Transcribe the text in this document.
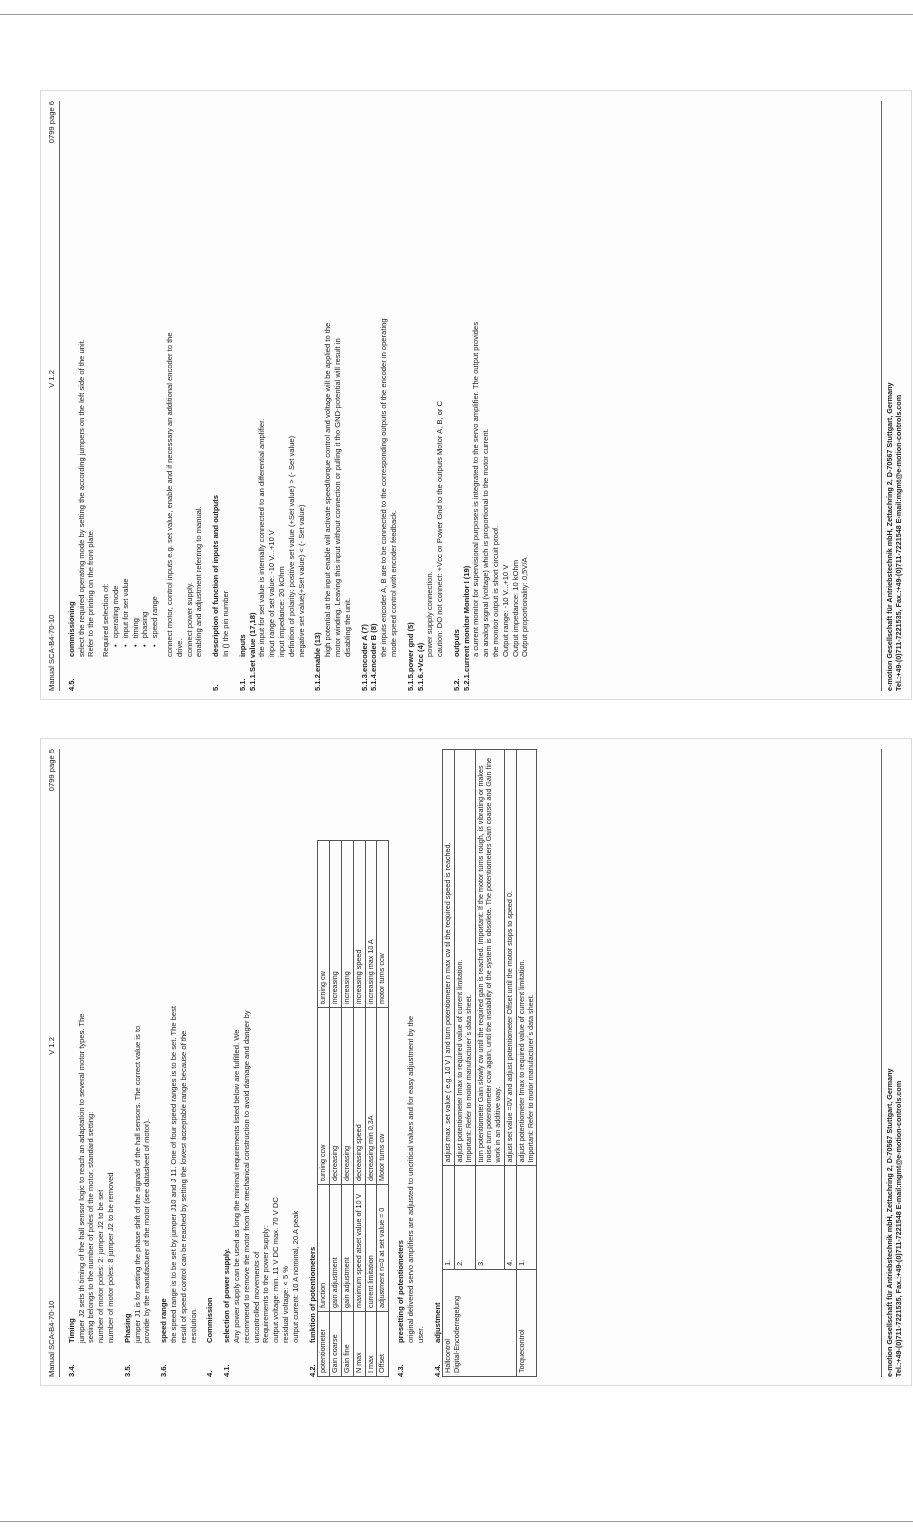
Manual SCA-B4-70-10
V 1.2
0799 page 6
4.5.commissioning select the required operating mode by setting the according jumpers on the left side of the unit. Refer to the printing on the front plate. Required selection of: • operating mode • input for set value • timing • phasing • speed range connect motor, control inputs e.g. set value, enable and if necessary an additional encoder to the drive. connect power supply. enabling and adjustment referring to manual.

5.description of function of inputs and outputs In () the pin number

5.1.inputs 5.1.1.Set value (17,18) the input for set value is internally connected to an differential amplifier. input range of set value: -10 V...+10 V input impedance: 20 kOhm definition of polarity: positive set value (+Set value) > (- Set value) negative set value(+Set value) < (- Set value)

5.1.2.enable (13)

high potential at the input enable will activate speed/torque control and voltage will be applied to the motor winding. Leaving this input without connection or pulling it tho GND-potential will result in disabling the unit. 5.1.3.encoder A (7) 5.1.4.encoder B (8)

the inputs encoder A, B are to be connected to the corresponding outputs of the encoder in operating mode speed control with encoder feedback. 5.1.5.power gnd (5) 5.1.6.+Vcc (4)

power supply connection. caution: DO not connect: +Vcc or Power Gnd to the outputs Motor A, B, or C

5.2.outputs 5.2.1.current monitor Monitor I (19) a current monitor for supervisional purposes is integrated to the servo amplifier. The output provides an analog signal (voltage) which is proportional to the motor current. the monitor output is short circuit proof. Output range: -10 V...+10 V Output impedance: 10 kOhm Output proportionality: 0,5V/A	e-motion Gesellschaft für Antriebstechnik mbH, Zettachring 2, D-70567 Stuttgart, Germany Tel.:+49-(0)711-7221535, Fax.:+49-(0)711-7221548 E-mail:mgmt@e-motion-controls.com
Manual SCA-B4-70-10
V 1.2
0799 page 5
3.4.Timing jumper J2 sets th timing of the hall sensor logic to reach an adaptation to several motor types. The setting belongs to the number of poles of the motor. standard setting: number of motor poles: 2: jumper J2 to be set number of motor poles: 8 jumper J2 to be removed

3.5.Phasing jumper J1 is for setting the phase shift of the signals of the hall sensors. The correct value is to provide by the manufacturer of the motor (see datasheet of motor).

3.6.speed range the speed range is to be set by jumper J10 and J 11. One of four speed ranges is to be set. The best result of speed control can be reached by setting the lowest acceptable range because of the resolution.

4.Commission
4.1.selection of power supply. Any power supply can be used as long the minimal requirements listed below are fulfilled. We recommend to remove the motor from the mechanical construction to avoid damage and danger by uncontrolled movements of Requirements to the power supply: output voltage: min. 11 V DC max. 70 V DC residual voltage: < 5 % output current: 10 A nominal, 20 A peak

4.2.funktion of potentiometers
potentiometer	function	turning ccw	turning cw
Gain coarse	gain adjustment	decreasing	increasing
Gain fine	gain adjustment	decreasing	increasing
N max	maximum speed atset value of 10 V	decreasing speed	increasing speed
I max	current limitation	decreasing min 0,3A	increasing max 10 A
Offset	adjustment n=0 at set value = 0	Motor turns cw	motor turns ccw
4.3.presetting of potentiometers original delivered servo amplifiers are adjusted to uncritical values and for easy adjustment by the user.

4.4.adjustment
Hallcontrol Digital-Encoderregelung	1.	adjust max. set value ( e.g. 10 V ) and turn potentiometer n max cw til the required speed is reached.
	2.	adjust potentiometer Imax to required value of current limitation. Important: Refer to motor manufacturer´s data sheet.

	3.	turn potentiometer Gain slowly cw until the required gain is reached. Important: If the motor turns rough, is vibrating or makes noise turn potentiometer ccw again, until the instability of the system is obsolete. The potentiometers Gain coarse and Gain fine work in an additive way.
	4.	adjust set value =0V and adjust potentiometer Offset until the motor stops to speed 0.
Torquecontrol	1.	adjust potentiometer Imax to required value of current limitation. Important: Refer to motor manufacturer´s data sheet.	e-motion Gesellschaft für Antriebstechnik mbH, Zettachring 2, D-70567 Stuttgart, Germany Tel.:+49-(0)711-7221535, Fax.:+49-(0)711-7221548 E-mail:mgmt@e-motion-controls.com
